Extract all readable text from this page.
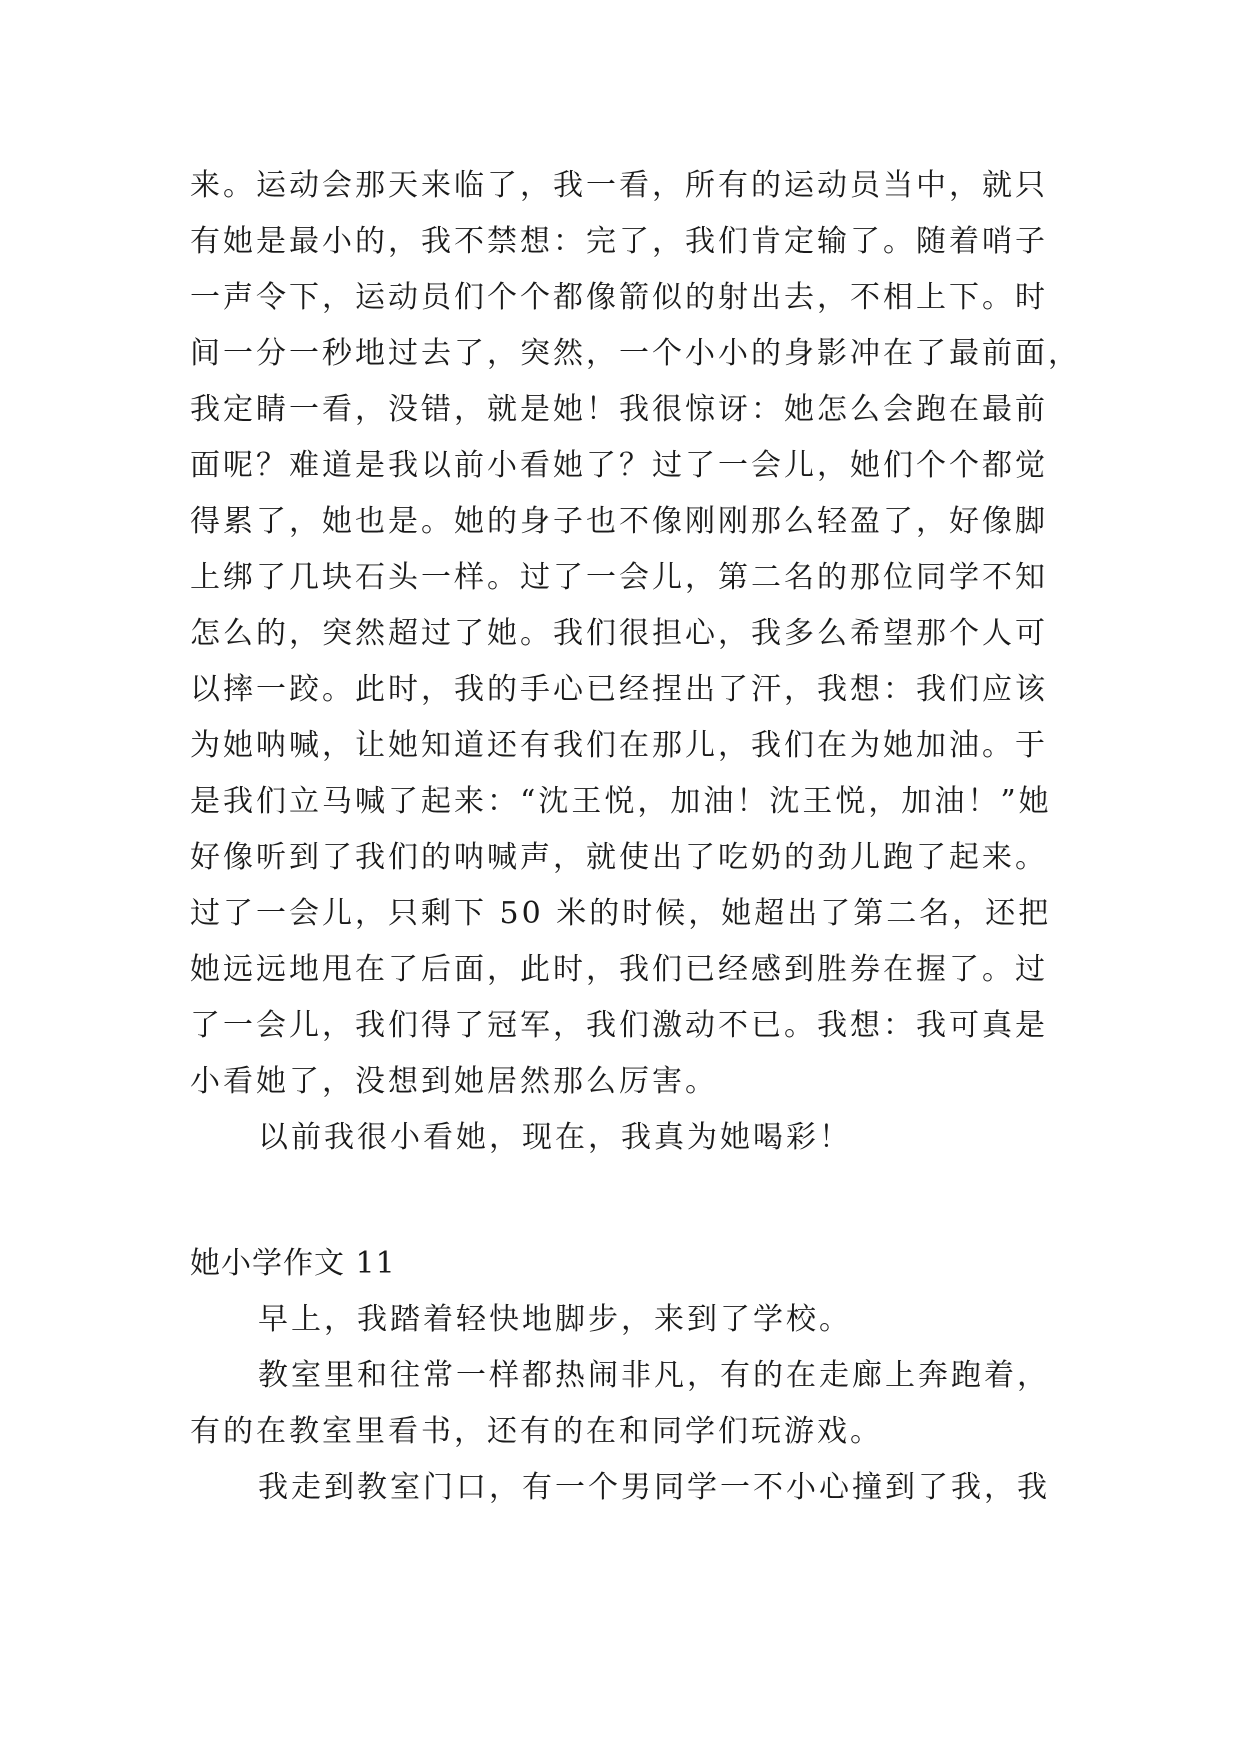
来。运动会那天来临了，我一看，所有的运动员当中，就只
有她是最小的，我不禁想：完了，我们肯定输了。随着哨子
一声令下，运动员们个个都像箭似的射出去，不相上下。时
间一分一秒地过去了，突然，一个小小的身影冲在了最前面，
我定睛一看，没错，就是她！我很惊讶：她怎么会跑在最前
面呢？难道是我以前小看她了？过了一会儿，她们个个都觉
得累了，她也是。她的身子也不像刚刚那么轻盈了，好像脚
上绑了几块石头一样。过了一会儿，第二名的那位同学不知
怎么的，突然超过了她。我们很担心，我多么希望那个人可
以摔一跤。此时，我的手心已经捏出了汗，我想：我们应该
为她呐喊，让她知道还有我们在那儿，我们在为她加油。于
是我们立马喊了起来：“沈王悦，加油！沈王悦，加油！”她
好像听到了我们的呐喊声，就使出了吃奶的劲儿跑了起来。
过了一会儿，只剩下 50 米的时候，她超出了第二名，还把
她远远地甩在了后面，此时，我们已经感到胜券在握了。过
了一会儿，我们得了冠军，我们激动不已。我想：我可真是
小看她了，没想到她居然那么厉害。
以前我很小看她，现在，我真为她喝彩！
她小学作文 11
早上，我踏着轻快地脚步，来到了学校。
教室里和往常一样都热闹非凡，有的在走廊上奔跑着，
有的在教室里看书，还有的在和同学们玩游戏。
我走到教室门口，有一个男同学一不小心撞到了我，我
